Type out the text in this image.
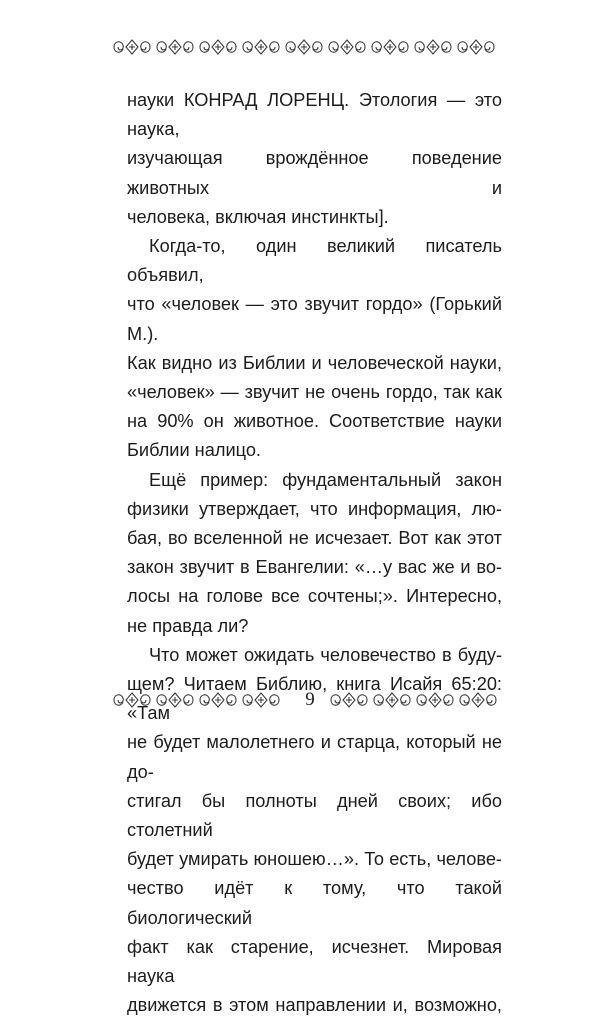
науки КОНРАД ЛОРЕНЦ. Этология — это наука,
изучающая врождённое поведение животных и
человека, включая инстинкты].
Когда-то, один великий писатель объявил,
что «человек — это звучит гордо» (Горький М.).
Как видно из Библии и человеческой науки,
«человек» — звучит не очень гордо, так как
на 90% он животное. Соответствие науки
Библии налицо.
Ещё пример: фундаментальный закон
физики утверждает, что информация, лю-
бая, во вселенной не исчезает. Вот как этот
закон звучит в Евангелии: «…у вас же и во-
лосы на голове все сочтены;». Интересно,
не правда ли?
Что может ожидать человечество в буду-
щем? Читаем Библию, книга Исайя 65:20: «Там
не будет малолетнего и старца, который не до-
стигал бы полноты дней своих; ибо столетний
будет умирать юношею…». То есть, челове-
чество идёт к тому, что такой биологический
факт как старение, исчезнет. Мировая наука
движется в этом направлении и, возможно,
9
